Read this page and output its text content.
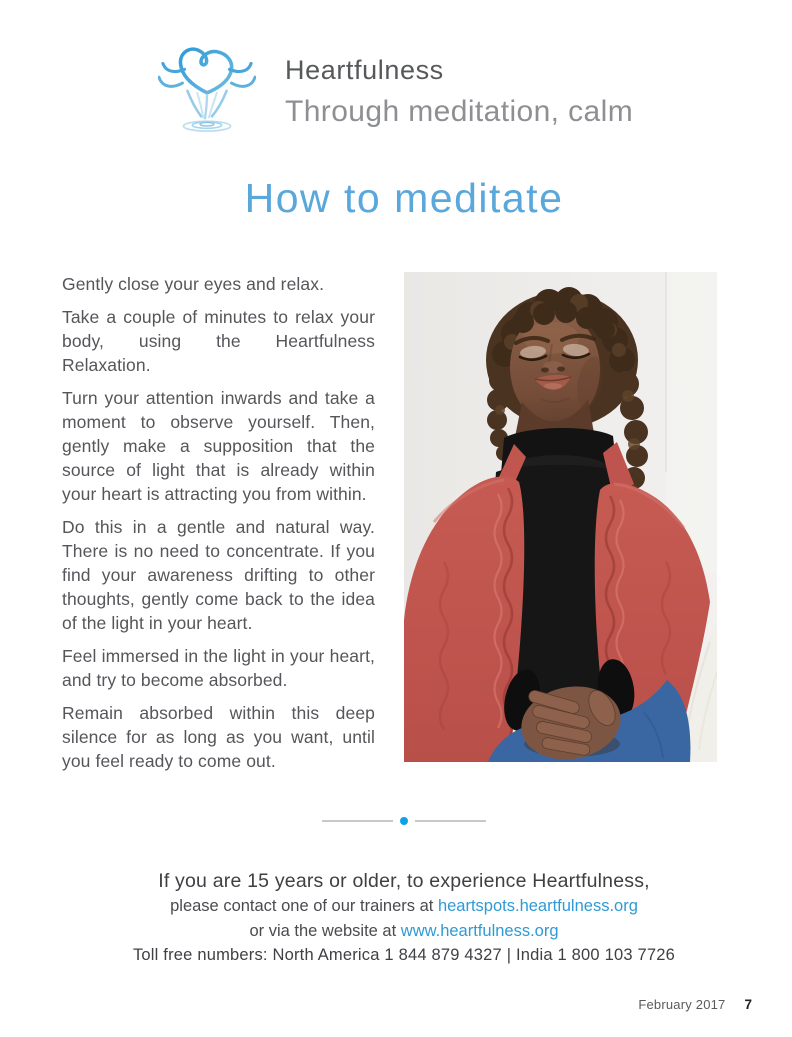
Heartfulness
Through meditation, calm
How to meditate

Gently close your eyes and relax.

Take a couple of minutes to relax your body, using the Heartfulness Relaxation.

Turn your attention inwards and take a moment to observe yourself. Then, gently make a supposition that the source of light that is already within your heart is attracting you from within.

Do this in a gentle and natural way. There is no need to concentrate. If you find your awareness drifting to other thoughts, gently come back to the idea of the light in your heart.

Feel immersed in the light in your heart, and try to become absorbed.

Remain absorbed within this deep silence for as long as you want, until you feel ready to come out.

If you are 15 years or older, to experience Heartfulness,
please contact one of our trainers at heartspots.heartfulness.org
or via the website at www.heartfulness.org
Toll free numbers: North America 1 844 879 4327 | India 1 800 103 7726
February 2017 7
